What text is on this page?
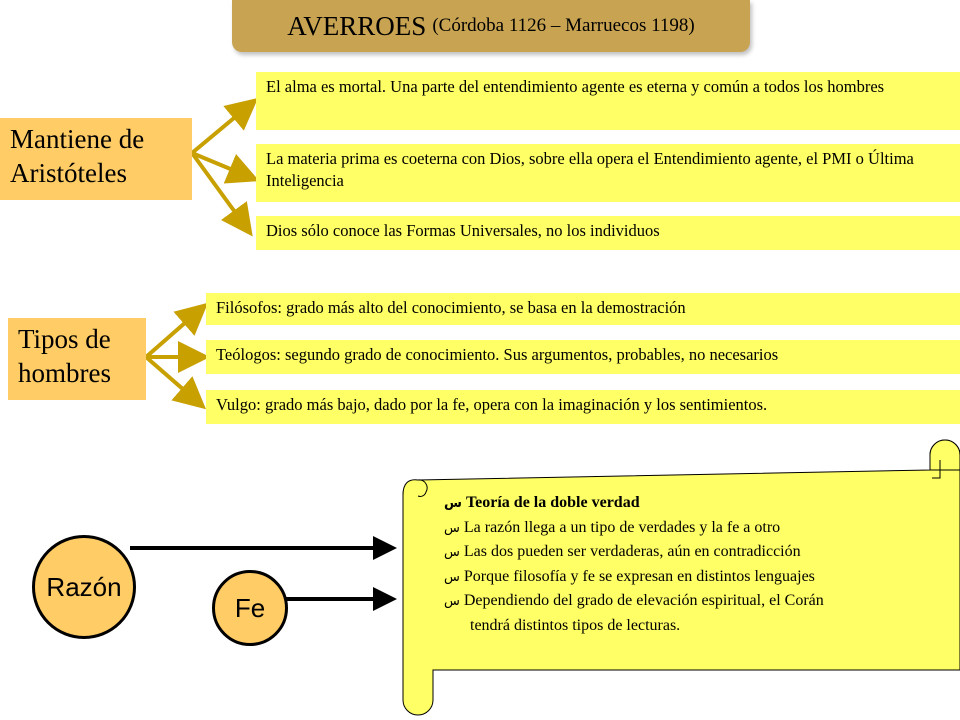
AVERROES (Córdoba 1126 – Marruecos 1198)
Mantiene de Aristóteles
El alma es mortal. Una parte del entendimiento agente es eterna y común a todos los hombres
La materia prima es coeterna con Dios, sobre ella opera el Entendimiento agente, el PMI o Última Inteligencia
Dios sólo conoce las Formas Universales, no los individuos
Tipos de hombres
Filósofos: grado más alto del conocimiento, se basa en la demostración
Teólogos: segundo grado de conocimiento. Sus argumentos, probables, no necesarios
Vulgo: grado más bajo, dado por la fe, opera con la imaginación y los sentimientos.
Razón
Fe
س Teoría de la doble verdad
س La razón llega a un tipo de verdades y la fe a otro
س Las dos pueden ser verdaderas, aún en contradicción
س Porque filosofía y fe se expresan en distintos lenguajes
س Dependiendo del grado de elevación espiritual, el Corán
tendrá distintos tipos de lecturas.
